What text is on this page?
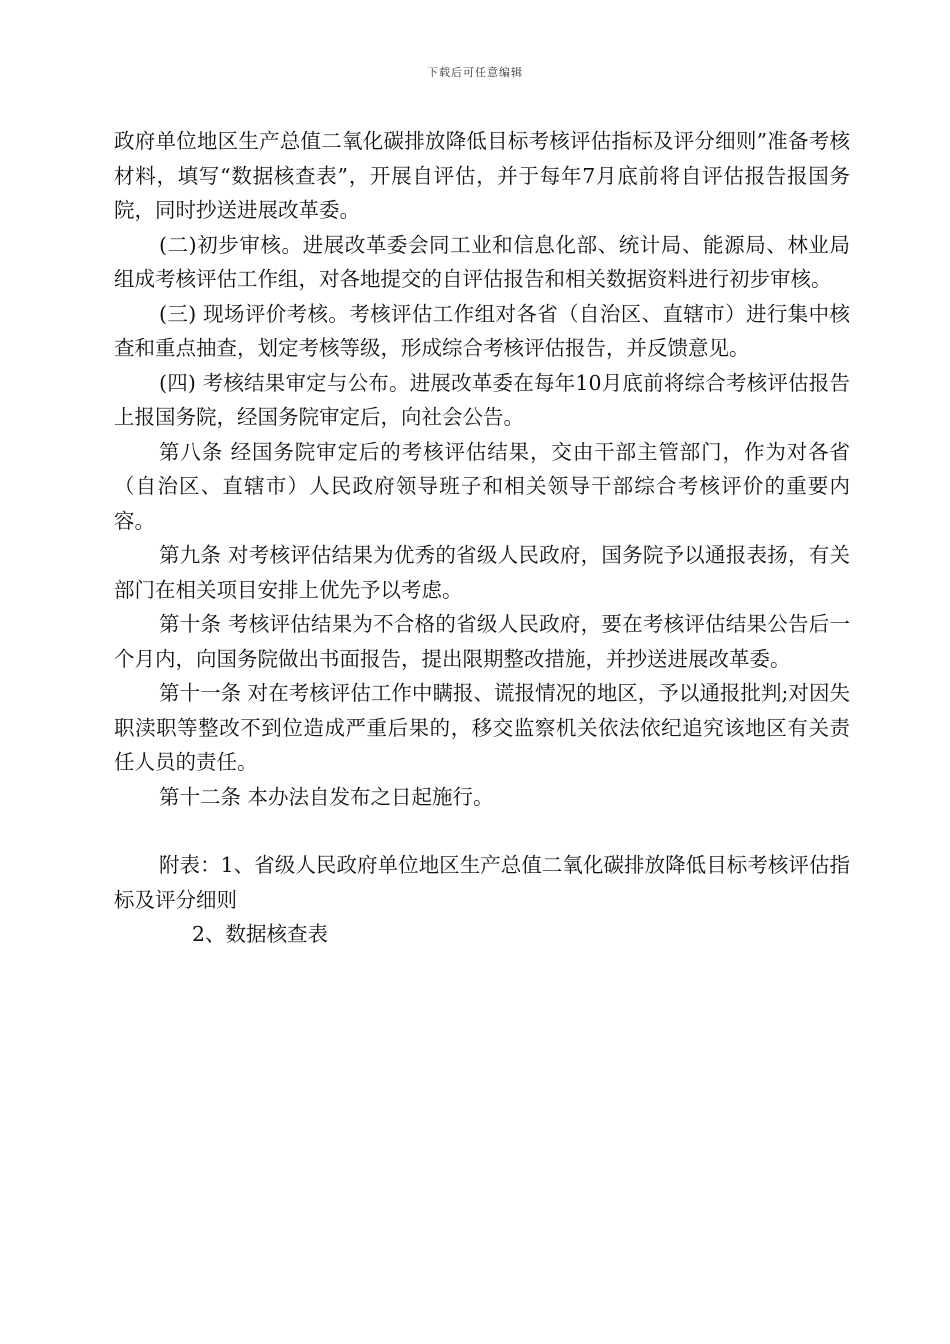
下载后可任意编辑

政府单位地区生产总值二氧化碳排放降低目标考核评估指标及评分细则”准备考核材料，填写“数据核查表”，开展自评估，并于每年7月底前将自评估报告报国务院，同时抄送进展改革委。

(二)初步审核。进展改革委会同工业和信息化部、统计局、能源局、林业局组成考核评估工作组，对各地提交的自评估报告和相关数据资料进行初步审核。

(三) 现场评价考核。考核评估工作组对各省（自治区、直辖市）进行集中核查和重点抽查，划定考核等级，形成综合考核评估报告，并反馈意见。

(四) 考核结果审定与公布。进展改革委在每年10月底前将综合考核评估报告上报国务院，经国务院审定后，向社会公告。

第八条 经国务院审定后的考核评估结果，交由干部主管部门，作为对各省（自治区、直辖市）人民政府领导班子和相关领导干部综合考核评价的重要内容。

第九条 对考核评估结果为优秀的省级人民政府，国务院予以通报表扬，有关部门在相关项目安排上优先予以考虑。

第十条 考核评估结果为不合格的省级人民政府，要在考核评估结果公告后一个月内，向国务院做出书面报告，提出限期整改措施，并抄送进展改革委。

第十一条 对在考核评估工作中瞒报、谎报情况的地区，予以通报批判;对因失职渎职等整改不到位造成严重后果的，移交监察机关依法依纪追究该地区有关责任人员的责任。

第十二条 本办法自发布之日起施行。

附表：1、省级人民政府单位地区生产总值二氧化碳排放降低目标考核评估指标及评分细则

2、数据核查表
